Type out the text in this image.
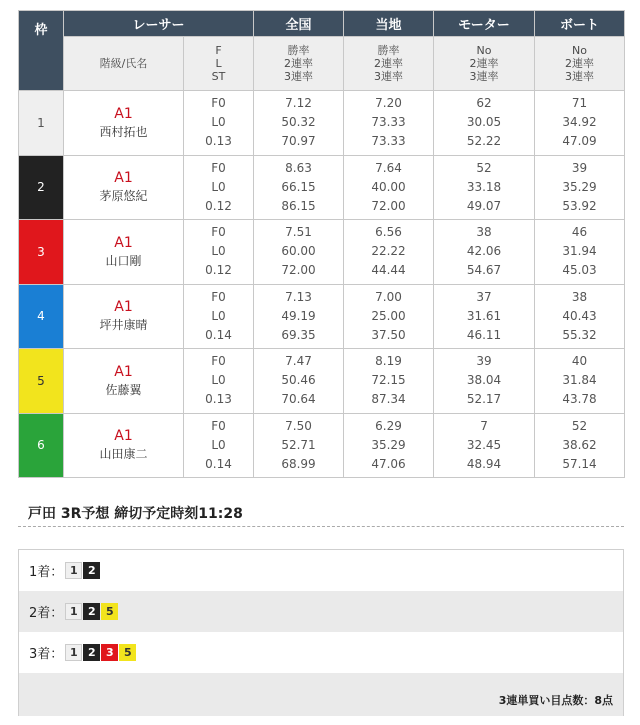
枠	レーサー		全国	当地	モーター	ボート
	階級/氏名	F
L
ST	勝率
2連率
3連率	勝率
2連率
3連率	No
2連率
3連率	No
2連率
3連率

1	A1
西村拓也	F0
L0
0.13	7.12
50.32
70.97	7.20
73.33
73.33	62
30.05
52.22	71
34.92
47.09

2	A1
茅原悠紀	F0
L0
0.12	8.63
66.15
86.15	7.64
40.00
72.00	52
33.18
49.07	39
35.29
53.92

3	A1
山口剛	F0
L0
0.12	7.51
60.00
72.00	6.56
22.22
44.44	38
42.06
54.67	46
31.94
45.03

4	A1
坪井康晴	F0
L0
0.14	7.13
49.19
69.35	7.00
25.00
37.50	37
31.61
46.11	38
40.43
55.32

5	A1
佐藤翼	F0
L0
0.13	7.47
50.46
70.64	8.19
72.15
87.34	39
38.04
52.17	40
31.84
43.78

6	A1
山田康二	F0
L0
0.14	7.50
52.71
68.99	6.29
35.29
47.06	7
32.45
48.94	52
38.62
57.14
戸田 3R予想 締切予定時刻11:28
1着： 1 2
2着： 1 2 5
3着： 1 2 3 5
3連単買い目点数：8点
